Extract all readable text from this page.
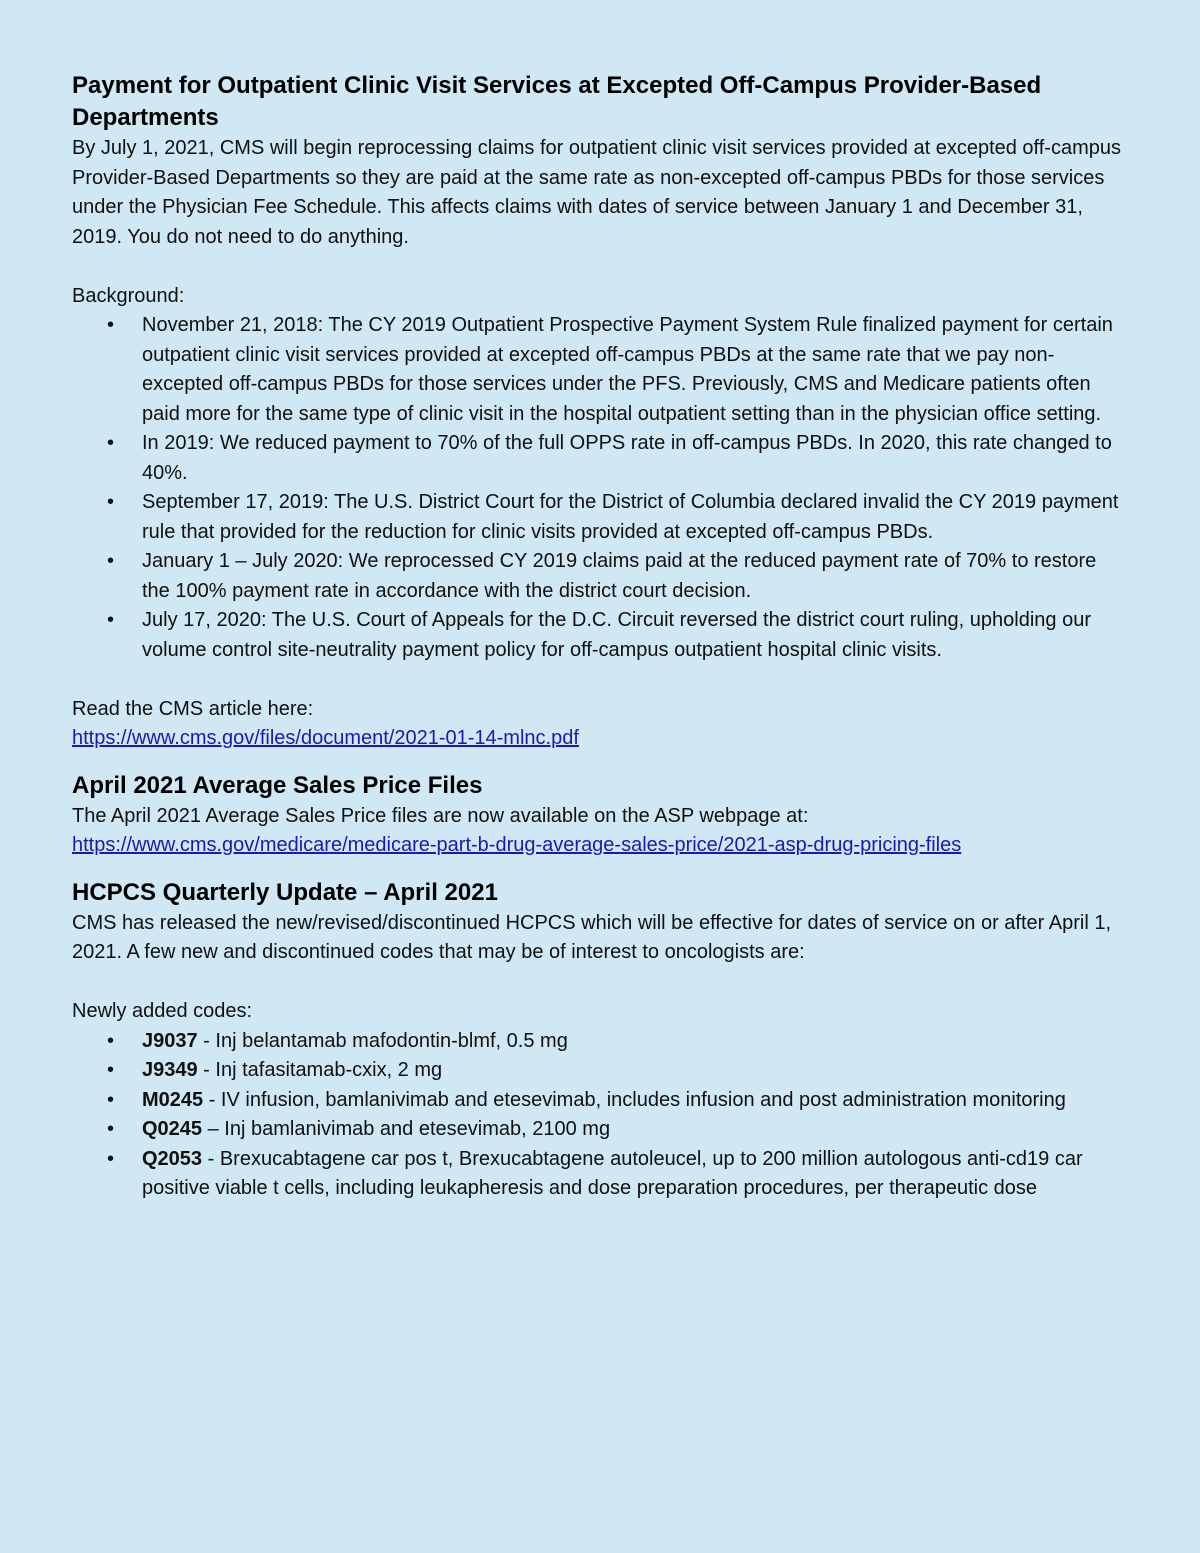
Payment for Outpatient Clinic Visit Services at Excepted Off-Campus Provider-Based Departments

By July 1, 2021, CMS will begin reprocessing claims for outpatient clinic visit services provided at excepted off-campus Provider-Based Departments so they are paid at the same rate as non-excepted off-campus PBDs for those services under the Physician Fee Schedule. This affects claims with dates of service between January 1 and December 31, 2019. You do not need to do anything.

Background:

• November 21, 2018: The CY 2019 Outpatient Prospective Payment System Rule finalized payment for certain outpatient clinic visit services provided at excepted off-campus PBDs at the same rate that we pay non-excepted off-campus PBDs for those services under the PFS. Previously, CMS and Medicare patients often paid more for the same type of clinic visit in the hospital outpatient setting than in the physician office setting.
• In 2019: We reduced payment to 70% of the full OPPS rate in off-campus PBDs. In 2020, this rate changed to 40%.
• September 17, 2019: The U.S. District Court for the District of Columbia declared invalid the CY 2019 payment rule that provided for the reduction for clinic visits provided at excepted off-campus PBDs.
• January 1 – July 2020: We reprocessed CY 2019 claims paid at the reduced payment rate of 70% to restore the 100% payment rate in accordance with the district court decision.
• July 17, 2020: The U.S. Court of Appeals for the D.C. Circuit reversed the district court ruling, upholding our volume control site-neutrality payment policy for off-campus outpatient hospital clinic visits.

Read the CMS article here:

https://www.cms.gov/files/document/2021-01-14-mlnc.pdf

April 2021 Average Sales Price Files

The April 2021 Average Sales Price files are now available on the ASP webpage at:

https://www.cms.gov/medicare/medicare-part-b-drug-average-sales-price/2021-asp-drug-pricing-files

HCPCS Quarterly Update – April 2021

CMS has released the new/revised/discontinued HCPCS which will be effective for dates of service on or after April 1, 2021. A few new and discontinued codes that may be of interest to oncologists are:

Newly added codes:

• J9037 - Inj belantamab mafodontin-blmf, 0.5 mg
• J9349 - Inj tafasitamab-cxix, 2 mg
• M0245 - IV infusion, bamlanivimab and etesevimab, includes infusion and post administration monitoring
• Q0245 – Inj bamlanivimab and etesevimab, 2100 mg
• Q2053 - Brexucabtagene car pos t, Brexucabtagene autoleucel, up to 200 million autologous anti-cd19 car positive viable t cells, including leukapheresis and dose preparation procedures, per therapeutic dose
